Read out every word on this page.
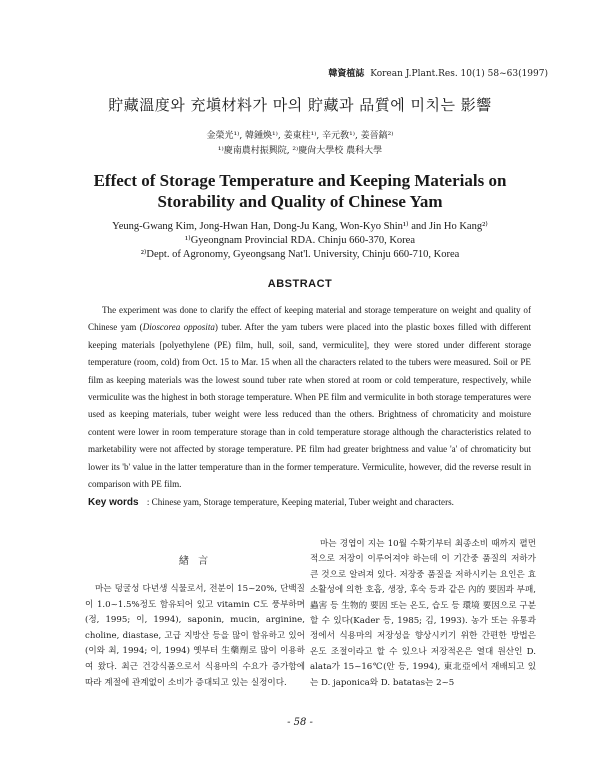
韓資植誌 Korean J.Plant.Res. 10(1) 58~63(1997)
貯藏溫度와 充塡材料가 마의 貯藏과 品質에 미치는 影響
金榮光¹⁾, 韓鍾煥¹⁾, 姜東柱¹⁾, 辛元敎¹⁾, 姜晉鎬²⁾
¹⁾慶南農村振興院, ²⁾慶尙大學校 農科大學
Effect of Storage Temperature and Keeping Materials on Storability and Quality of Chinese Yam
Yeung-Gwang Kim, Jong-Hwan Han, Dong-Ju Kang, Won-Kyo Shin¹⁾ and Jin Ho Kang²⁾
¹⁾Gyeongnam Provincial RDA. Chinju 660-370, Korea
²⁾Dept. of Agronomy, Gyeongsang Nat'l. University, Chinju 660-710, Korea
ABSTRACT

The experiment was done to clarify the effect of keeping material and storage temperature on weight and quality of Chinese yam (Dioscorea opposita) tuber. After the yam tubers were placed into the plastic boxes filled with different keeping materials [polyethylene (PE) film, hull, soil, sand, vermiculite], they were stored under different storage temperature (room, cold) from Oct. 15 to Mar. 15 when all the characters related to the tubers were measured. Soil or PE film as keeping materials was the lowest sound tuber rate when stored at room or cold temperature, respectively, while vermiculite was the highest in both storage temperature. When PE film and vermiculite in both storage temperatures were used as keeping materials, tuber weight were less reduced than the others. Brightness of chromaticity and moisture content were lower in room temperature storage than in cold temperature storage although the characteristics related to marketability were not affected by storage temperature. PE film had greater brightness and value 'a' of chromaticity but lower its 'b' value in the latter temperature than in the former temperature. Vermiculite, however, did the reverse result in comparison with PE film.

Key words : Chinese yam, Storage temperature, Keeping material, Tuber weight and characters.
緖 言

마는 덩굴성 다년생 식물로서, 전분이 15~20%, 단백질이 1.0~1.5%정도 함유되어 있고 vitamin C도 풍부하며(정, 1995; 이, 1994), saponin, mucin, arginine, choline, diastase, 고급 지방산 등을 많이 함유하고 있어(이와 최, 1994; 이, 1994) 옛부터 生藥劑로 많이 이용하여 왔다. 최근 건강식품으로서 식용마의 수요가 증가함에 따라 계절에 관계없이 소비가 증대되고 있는 실정이다.

마는 경엽이 지는 10월 수확기부터 최종소비 때까지 펼먼적으로 저장이 이루어져야 하는데 이 기간중 품질의 저하가 큰 것으로 알려져 있다. 저장중 품질을 저하시키는 요인은 효소활성에 의한 호흡, 생장, 후숙 등과 같은 內的 要因과 부패, 蟲害 등 生物的 要因 또는 온도, 습도 등 環境 要因으로 구분할 수 있다(Kader 등, 1985; 김, 1993). 농가 또는 유통과정에서 식용마의 저장성을 향상시키기 위한 간편한 방법은 온도 조절이라고 할 수 있으나 저장적온은 열대 원산인 D. alata가 15~16℃(안 등, 1994), 東北亞에서 재배되고 있는 D. japonica와 D. batatas는 2~5

- 58 -
